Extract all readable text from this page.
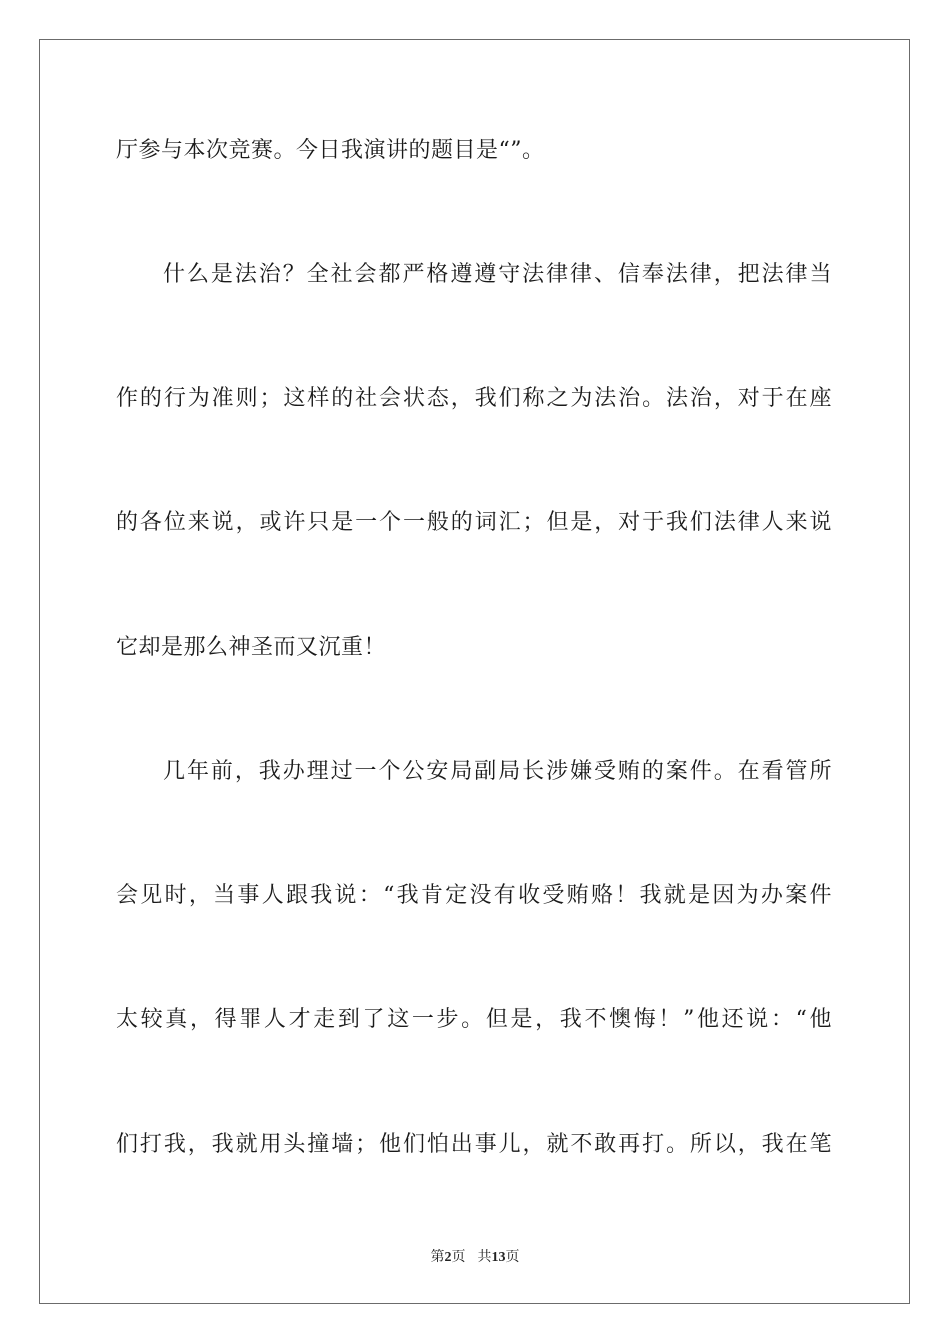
厅参与本次竞赛。今日我演讲的题目是“”。
什么是法治？全社会都严格遵遵守法律律、信奉法律，把法律当
作的行为准则；这样的社会状态，我们称之为法治。法治，对于在座
的各位来说，或许只是一个一般的词汇；但是，对于我们法律人来说
它却是那么神圣而又沉重！
几年前，我办理过一个公安局副局长涉嫌受贿的案件。在看管所
会见时，当事人跟我说：“我肯定没有收受贿赂！我就是因为办案件
太较真，得罪人才走到了这一步。但是，我不懊悔！”他还说：“他
们打我，我就用头撞墙；他们怕出事儿，就不敢再打。所以，我在笔
第2页 共13页
